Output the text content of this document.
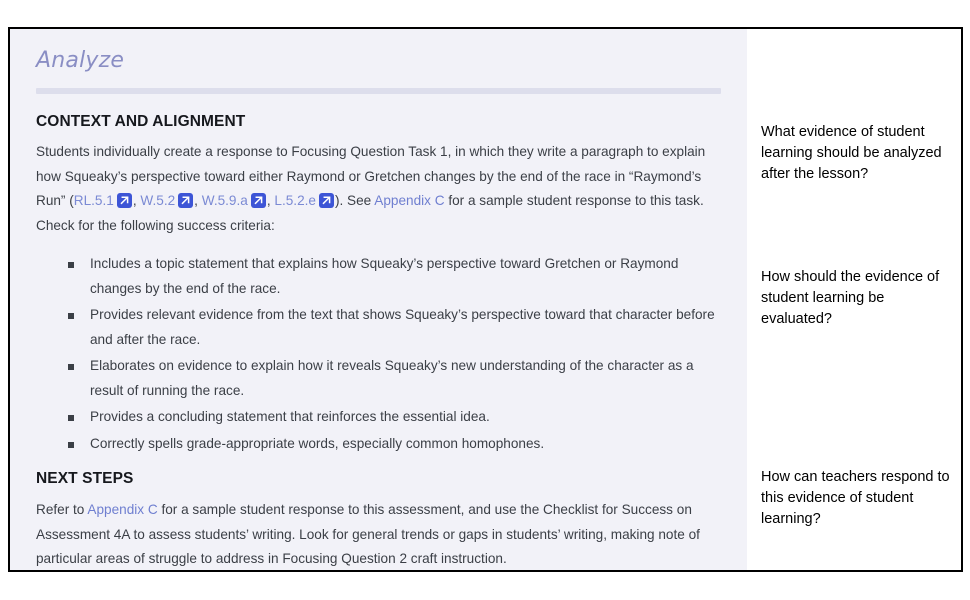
Analyze
CONTEXT AND ALIGNMENT

Students individually create a response to Focusing Question Task 1, in which they write a paragraph to explain how Squeaky’s perspective toward either Raymond or Gretchen changes by the end of the race in “Raymond’s Run” (RL.5.1 , W.5.2 , W.5.9.a , L.5.2.e ). See Appendix C for a sample student response to this task. Check for the following success criteria:

Includes a topic statement that explains how Squeaky’s perspective toward Gretchen or Raymond changes by the end of the race.
Provides relevant evidence from the text that shows Squeaky’s perspective toward that character before and after the race.
Elaborates on evidence to explain how it reveals Squeaky’s new understanding of the character as a result of running the race.
Provides a concluding statement that reinforces the essential idea.
Correctly spells grade-appropriate words, especially common homophones.
NEXT STEPS

Refer to Appendix C for a sample student response to this assessment, and use the Checklist for Success on Assessment 4A to assess students’ writing. Look for general trends or gaps in students’ writing, making note of particular areas of struggle to address in Focusing Question 2 craft instruction.

What evidence of student learning should be analyzed after the lesson?
How should the evidence of student learning be evaluated?
How can teachers respond to this evidence of student learning?
